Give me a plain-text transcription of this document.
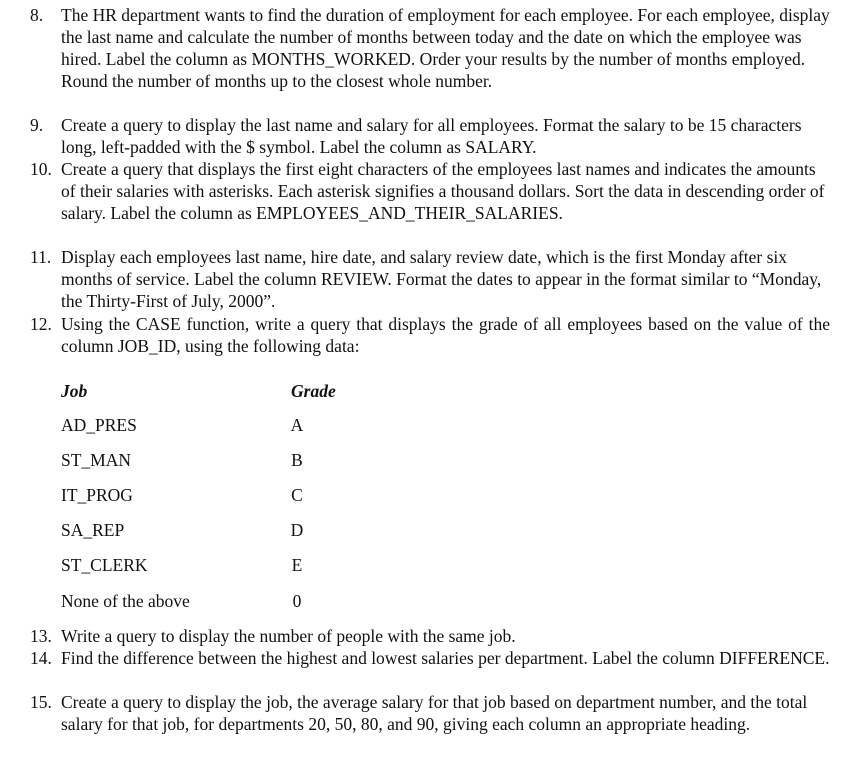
8.	The HR department wants to find the duration of employment for each employee. For each employee, display the last name and calculate the number of months between today and the date on which the employee was hired. Label the column as MONTHS_WORKED. Order your results by the number of months employed. Round the number of months up to the closest whole number.
9.	Create a query to display the last name and salary for all employees. Format the salary to be 15 characters long, left-padded with the $ symbol. Label the column as SALARY.
10. Create a query that displays the first eight characters of the employees last names and indicates the amounts of their salaries with asterisks. Each asterisk signifies a thousand dollars. Sort the data in descending order of salary. Label the column as EMPLOYEES_AND_THEIR_SALARIES.
11. Display each employees last name, hire date, and salary review date, which is the first Monday after six months of service. Label the column REVIEW. Format the dates to appear in the format similar to “Monday, the Thirty-First of July, 2000”.
12. Using the CASE function, write a query that displays the grade of all employees based on the value of the column JOB_ID, using the following data:
Job	Grade
AD_PRES	A
ST_MAN	B
IT_PROG	C
SA_REP	D
ST_CLERK	E
None of the above	0
13. Write a query to display the number of people with the same job.
14. Find the difference between the highest and lowest salaries per department. Label the column DIFFERENCE.
15. Create a query to display the job, the average salary for that job based on department number, and the total salary for that job, for departments 20, 50, 80, and 90, giving each column an appropriate heading.
